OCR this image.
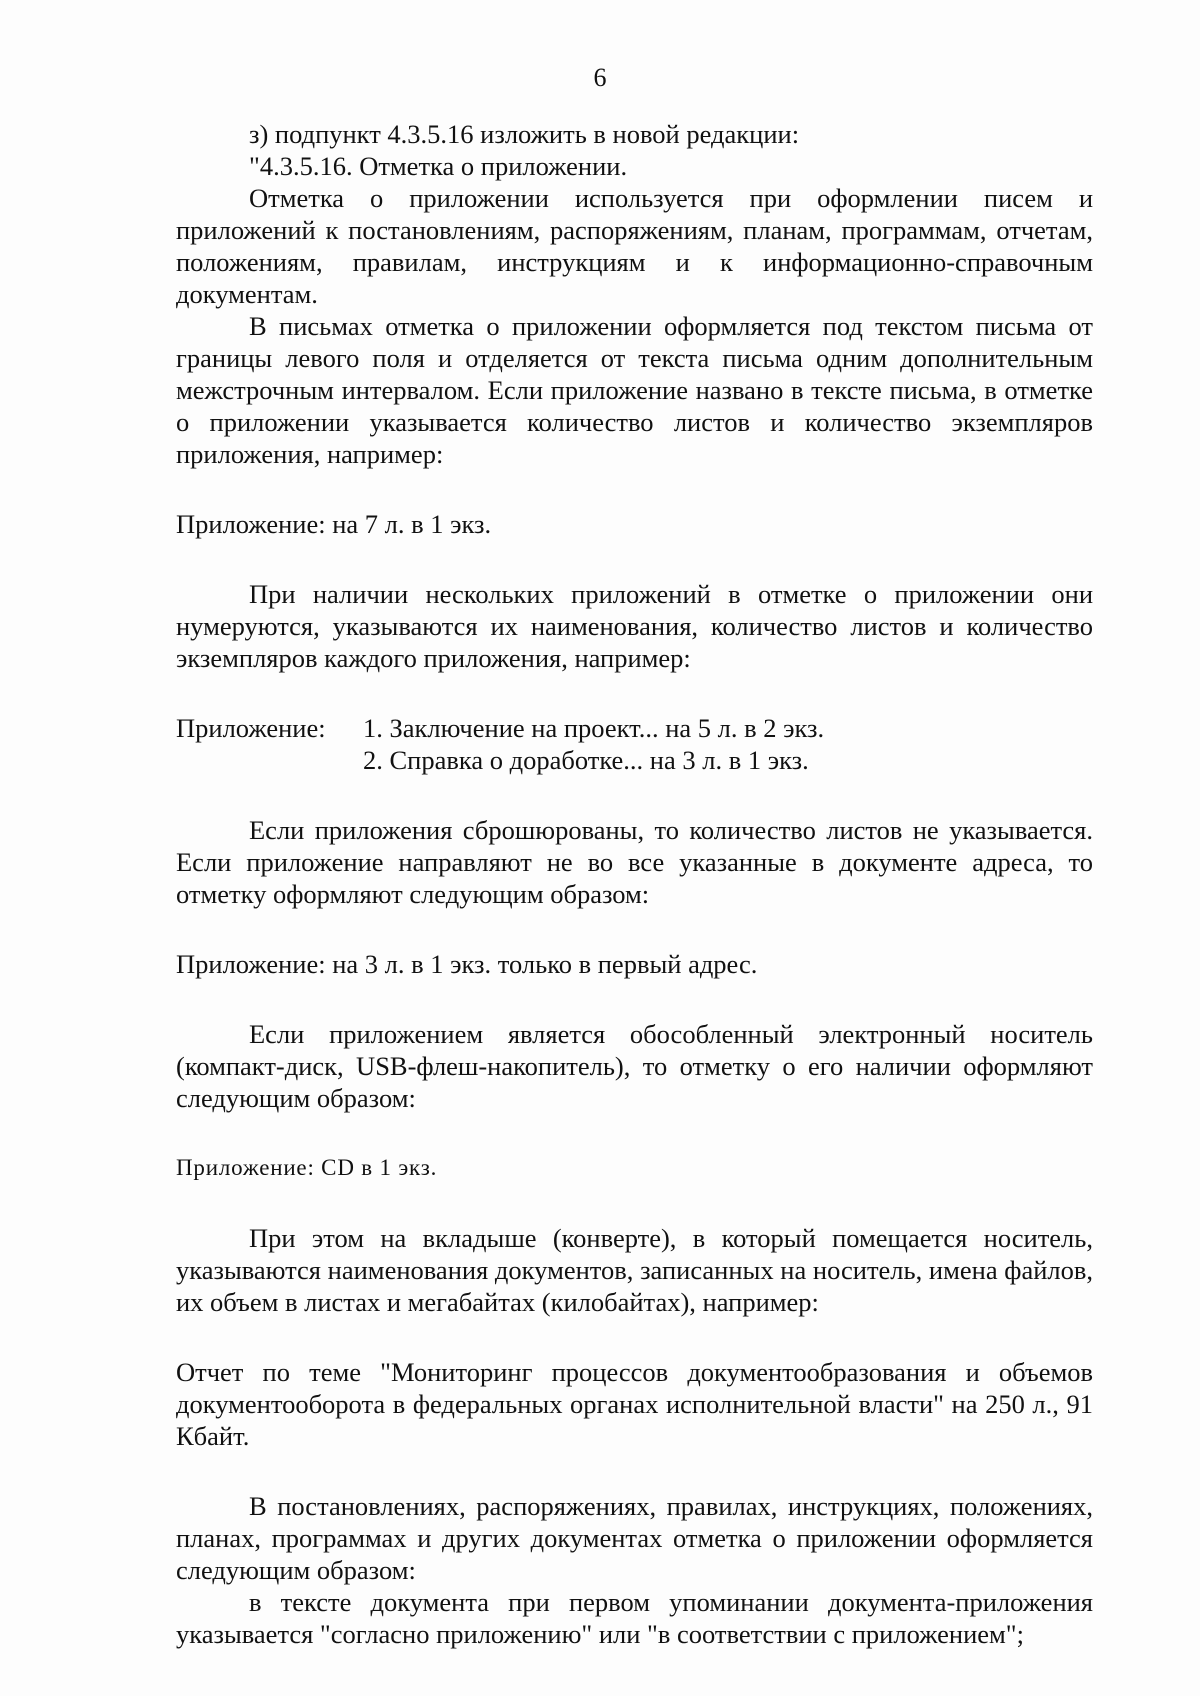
6

з) подпункт 4.3.5.16 изложить в новой редакции:

"4.3.5.16. Отметка о приложении.

Отметка о приложении используется при оформлении писем и приложений к постановлениям, распоряжениям, планам, программам, отчетам, положениям, правилам, инструкциям и к информационно-справочным документам.

В письмах отметка о приложении оформляется под текстом письма от границы левого поля и отделяется от текста письма одним дополнительным межстрочным интервалом. Если приложение названо в тексте письма, в отметке о приложении указывается количество листов и количество экземпляров приложения, например:

Приложение: на 7 л. в 1 экз.

При наличии нескольких приложений в отметке о приложении они нумеруются, указываются их наименования, количество листов и количество экземпляров каждого приложения, например:

Приложение:	1. Заключение на проект... на 5 л. в 2 экз.
2. Справка о доработке... на 3 л. в 1 экз.

Если приложения сброшюрованы, то количество листов не указывается. Если приложение направляют не во все указанные в документе адреса, то отметку оформляют следующим образом:

Приложение: на 3 л. в 1 экз. только в первый адрес.

Если приложением является обособленный электронный носитель (компакт-диск, USB-флеш-накопитель), то отметку о его наличии оформляют следующим образом:

Приложение: CD в 1 экз.

При этом на вкладыше (конверте), в который помещается носитель, указываются наименования документов, записанных на носитель, имена файлов, их объем в листах и мегабайтах (килобайтах), например:

Отчет по теме "Мониторинг процессов документообразования и объемов документооборота в федеральных органах исполнительной власти" на 250 л., 91 Кбайт.

В постановлениях, распоряжениях, правилах, инструкциях, положениях, планах, программах и других документах отметка о приложении оформляется следующим образом:

в тексте документа при первом упоминании документа-приложения указывается "согласно приложению" или "в соответствии с приложением";
